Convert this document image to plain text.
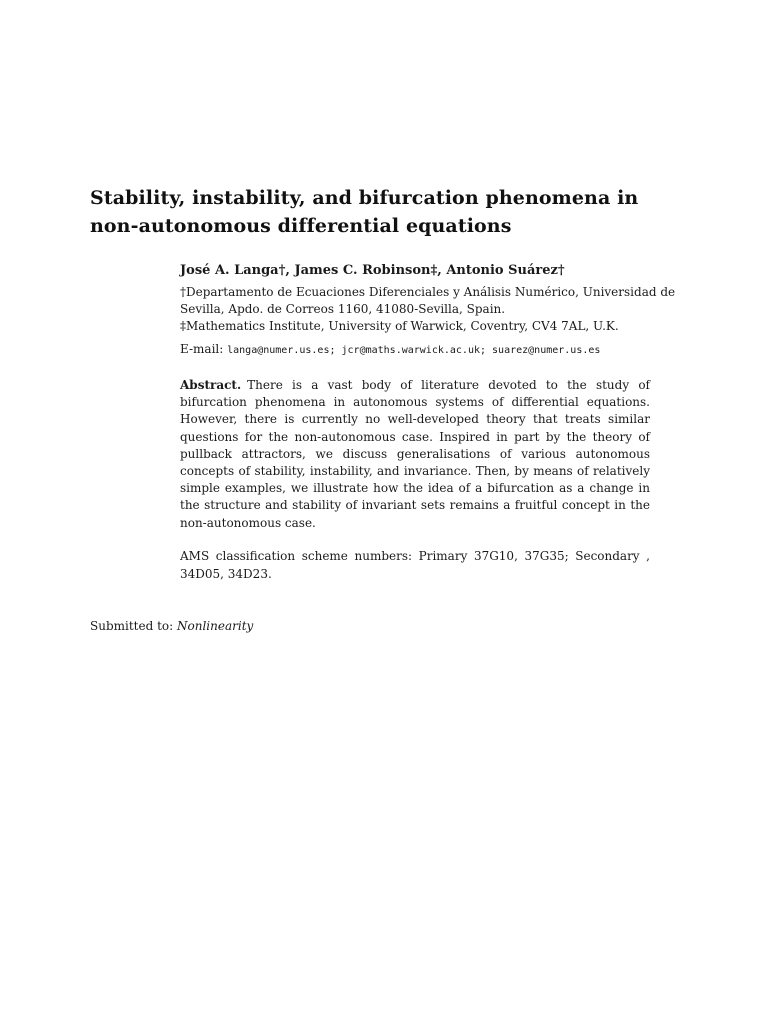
Stability, instability, and bifurcation phenomena in non-autonomous differential equations

José A. Langa†, James C. Robinson‡, Antonio Suárez†

†Departamento de Ecuaciones Diferenciales y Análisis Numérico, Universidad de
Sevilla, Apdo. de Correos 1160, 41080-Sevilla, Spain.
‡Mathematics Institute, University of Warwick, Coventry, CV4 7AL, U.K.
E-mail: langa@numer.us.es; jcr@maths.warwick.ac.uk; suarez@numer.us.es
Abstract. There is a vast body of literature devoted to the study of bifurcation phenomena in autonomous systems of differential equations. However, there is currently no well-developed theory that treats similar questions for the non-autonomous case. Inspired in part by the theory of pullback attractors, we discuss generalisations of various autonomous concepts of stability, instability, and invariance. Then, by means of relatively simple examples, we illustrate how the idea of a bifurcation as a change in the structure and stability of invariant sets remains a fruitful concept in the non-autonomous case.
AMS classification scheme numbers: Primary 37G10, 37G35; Secondary , 34D05, 34D23.
Submitted to: Nonlinearity
